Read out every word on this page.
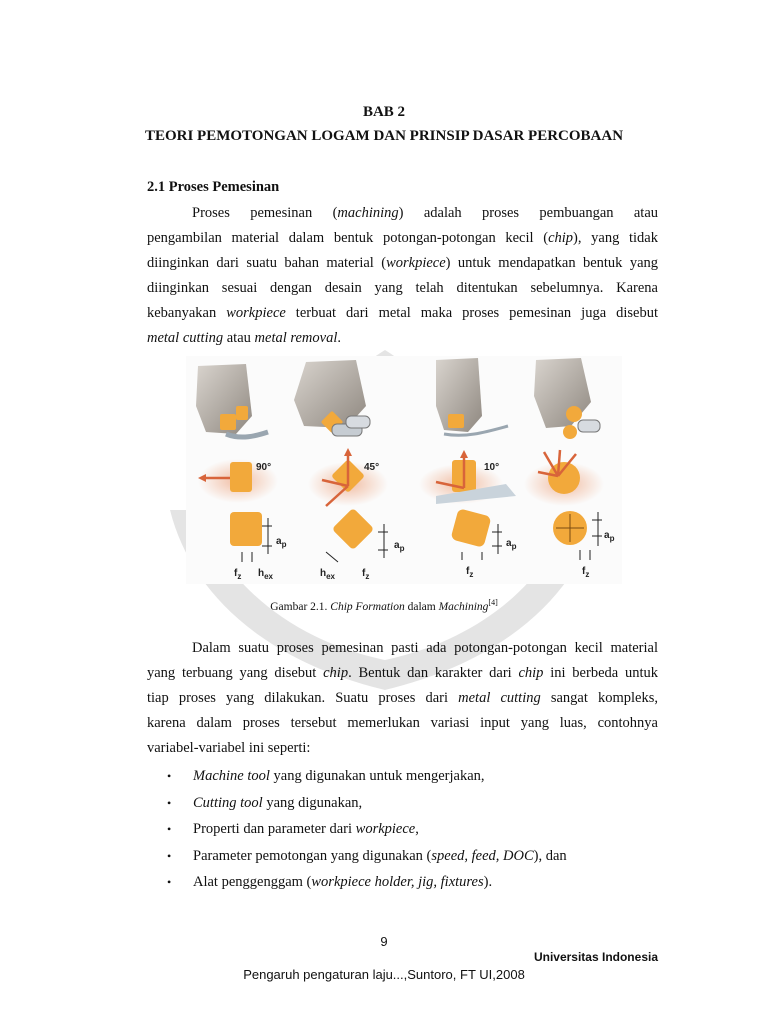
BAB 2
TEORI PEMOTONGAN LOGAM DAN PRINSIP DASAR PERCOBAAN
2.1 Proses Pemesinan
Proses pemesinan (machining) adalah proses pembuangan atau
pengambilan material dalam bentuk potongan-potongan kecil (chip), yang tidak
diinginkan dari suatu bahan material (workpiece) untuk mendapatkan bentuk yang
diinginkan sesuai dengan desain yang telah ditentukan sebelumnya. Karena
kebanyakan workpiece terbuat dari metal maka proses pemesinan juga disebut
metal cutting atau metal removal.
90°	45°	10°
$a_p$
$f_z$ $h_{ex}$
$a_p$
$h_{ex}$	$f_z$
$a_p$
$f_z$
$a_p$
$f_z$
Gambar 2.1. Chip Formation dalam Machining[4]
Dalam suatu proses pemesinan pasti ada potongan-potongan kecil material
yang terbuang yang disebut chip. Bentuk dan karakter dari chip ini berbeda untuk
tiap proses yang dilakukan. Suatu proses dari metal cutting sangat kompleks,
karena dalam proses tersebut memerlukan variasi input yang luas, contohnya
variabel-variabel ini seperti:
• Machine tool yang digunakan untuk mengerjakan,
• Cutting tool yang digunakan,
• Properti dan parameter dari workpiece,
• Parameter pemotongan yang digunakan (speed, feed, DOC), dan
• Alat penggenggam (workpiece holder, jig, fixtures).
9
Universitas Indonesia
Pengaruh pengaturan laju...,Suntoro, FT UI,2008
